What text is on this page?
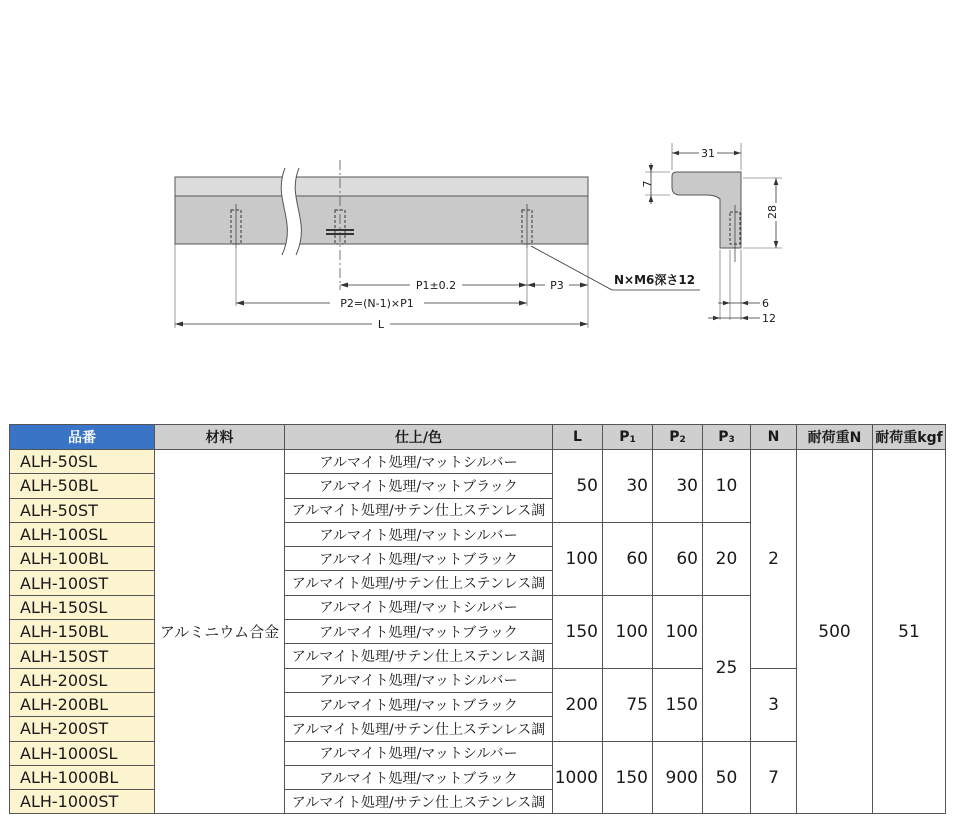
P1±0.2	P3
P2=(N-1)×P1
L
N×M6深さ12
31
7
28
6
12
品番	材料	仕上/色	L	$P_1$	$P_2$	$P_3$	N	耐荷重N	耐荷重kgf
ALH-50SL	アルミニウム合金	アルマイト処理/マットシルバー	50	30	30	10	2	500	51
ALH-50BL		アルマイト処理/マットブラック							
ALH-50ST		アルマイト処理/サテン仕上ステンレス調							
ALH-100SL		アルマイト処理/マットシルバー	100	60	60	20			
ALH-100BL		アルマイト処理/マットブラック							
ALH-100ST		アルマイト処理/サテン仕上ステンレス調							
ALH-150SL		アルマイト処理/マットシルバー	150	100	100	25			
ALH-150BL		アルマイト処理/マットブラック							
ALH-150ST		アルマイト処理/サテン仕上ステンレス調							
ALH-200SL		アルマイト処理/マットシルバー	200	75	150		3		
ALH-200BL		アルマイト処理/マットブラック							
ALH-200ST		アルマイト処理/サテン仕上ステンレス調							
ALH-1000SL		アルマイト処理/マットシルバー	1000	150	900	50	7		
ALH-1000BL		アルマイト処理/マットブラック							
ALH-1000ST		アルマイト処理/サテン仕上ステンレス調							
